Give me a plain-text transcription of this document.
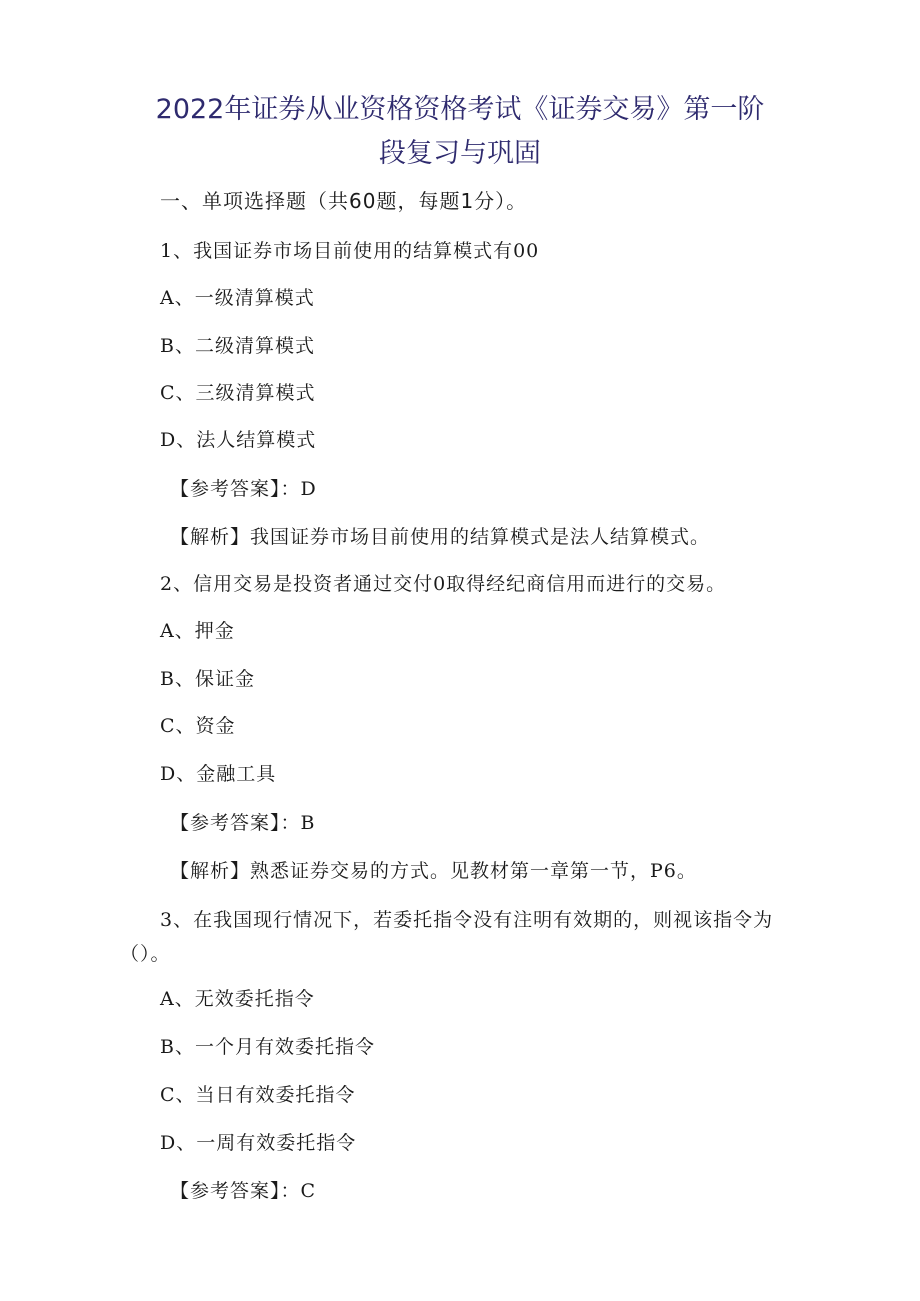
2022年证券从业资格资格考试《证券交易》第一阶
段复习与巩固
一、单项选择题（共60题，每题1分）。
1、我国证券市场目前使用的结算模式有00
A、一级清算模式
B、二级清算模式
C、三级清算模式
D、法人结算模式
【参考答案】：D
【解析】我国证券市场目前使用的结算模式是法人结算模式。
2、信用交易是投资者通过交付0取得经纪商信用而进行的交易。
A、押金
B、保证金
C、资金
D、金融工具
【参考答案】：B
【解析】熟悉证券交易的方式。见教材第一章第一节，P6。
3、在我国现行情况下，若委托指令没有注明有效期的，则视该指令为（）。
A、无效委托指令
B、一个月有效委托指令
C、当日有效委托指令
D、一周有效委托指令
【参考答案】：C
